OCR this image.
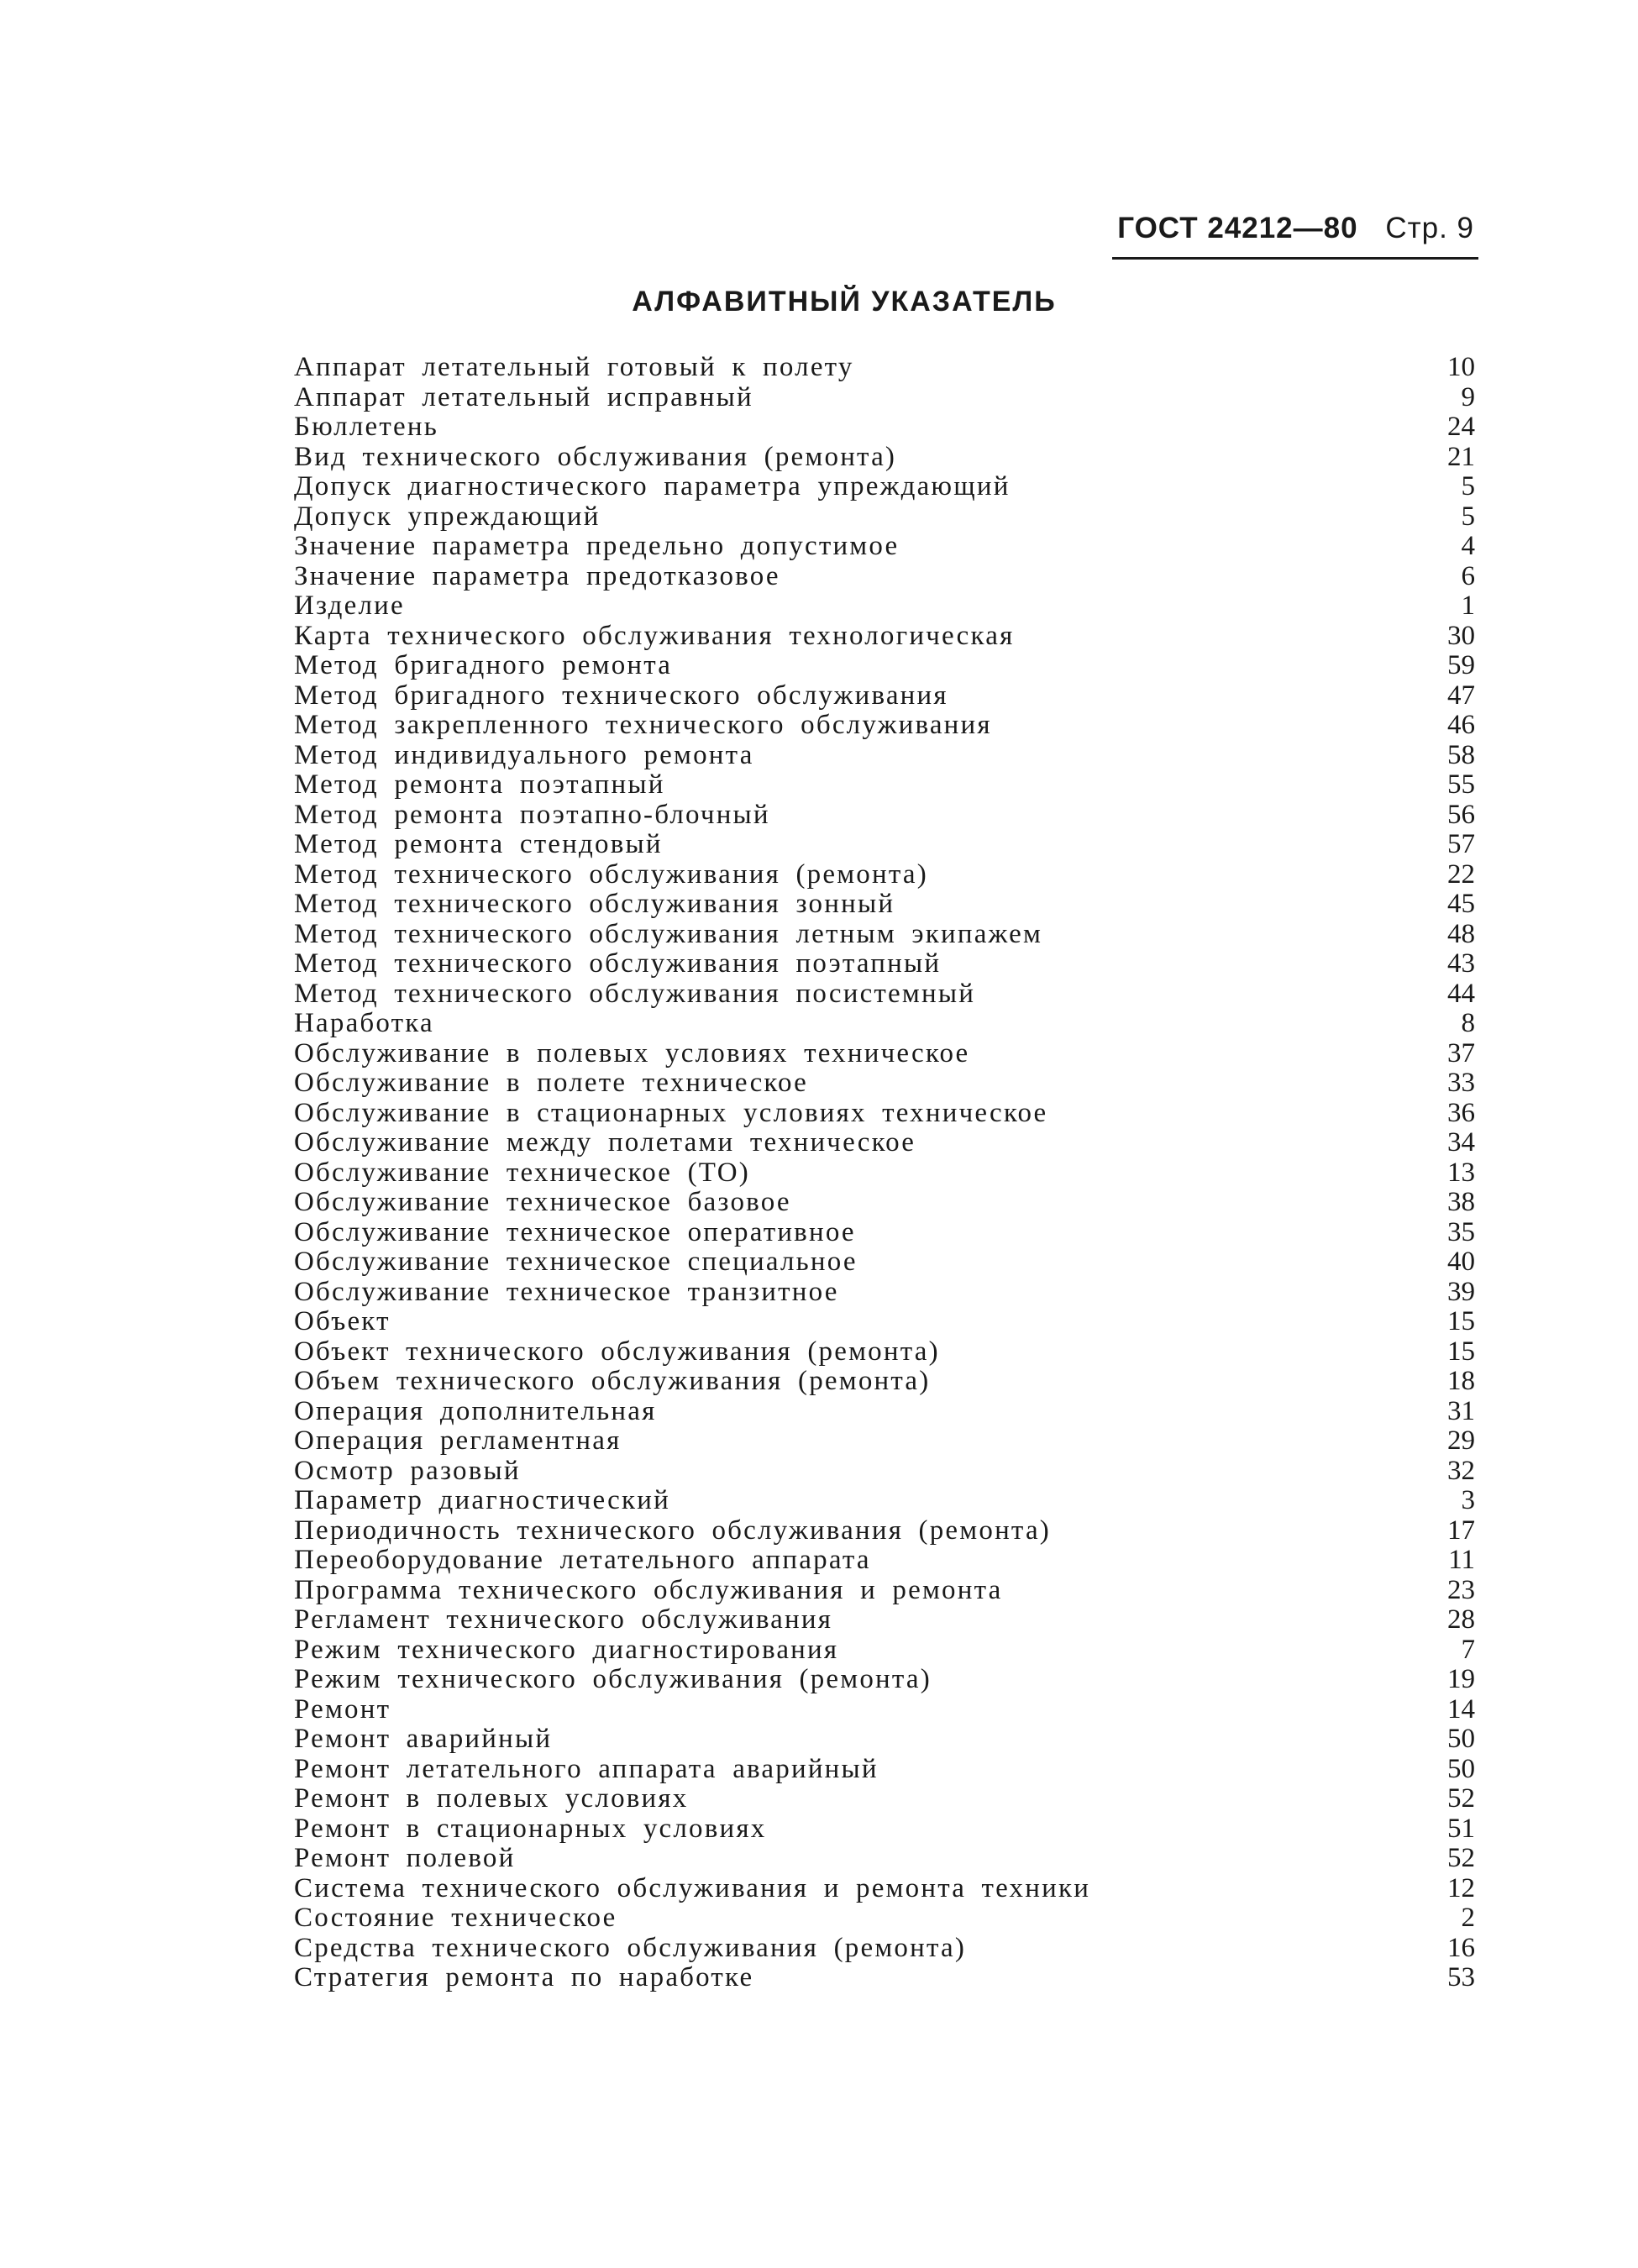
ГОСТ 24212—80 Стр. 9
АЛФАВИТНЫЙ УКАЗАТЕЛЬ
Аппарат летательный готовый к полету	10
Аппарат летательный исправный	9
Бюллетень	24
Вид технического обслуживания (ремонта)	21
Допуск диагностического параметра упреждающий	5
Допуск упреждающий	5
Значение параметра предельно допустимое	4
Значение параметра предотказовое	6
Изделие	1
Карта технического обслуживания технологическая	30
Метод бригадного ремонта	59
Метод бригадного технического обслуживания	47
Метод закрепленного технического обслуживания	46
Метод индивидуального ремонта	58
Метод ремонта поэтапный	55
Метод ремонта поэтапно-блочный	56
Метод ремонта стендовый	57
Метод технического обслуживания (ремонта)	22
Метод технического обслуживания зонный	45
Метод технического обслуживания летным экипажем	48
Метод технического обслуживания поэтапный	43
Метод технического обслуживания посистемный	44
Наработка	8
Обслуживание в полевых условиях техническое	37
Обслуживание в полете техническое	33
Обслуживание в стационарных условиях техническое	36
Обслуживание между полетами техническое	34
Обслуживание техническое (ТО)	13
Обслуживание техническое базовое	38
Обслуживание техническое оперативное	35
Обслуживание техническое специальное	40
Обслуживание техническое транзитное	39
Объект	15
Объект технического обслуживания (ремонта)	15
Объем технического обслуживания (ремонта)	18
Операция дополнительная	31
Операция регламентная	29
Осмотр разовый	32
Параметр диагностический	3
Периодичность технического обслуживания (ремонта)	17
Переоборудование летательного аппарата	11
Программа технического обслуживания и ремонта	23
Регламент технического обслуживания	28
Режим технического диагностирования	7
Режим технического обслуживания (ремонта)	19
Ремонт	14
Ремонт аварийный	50
Ремонт летательного аппарата аварийный	50
Ремонт в полевых условиях	52
Ремонт в стационарных условиях	51
Ремонт полевой	52
Система технического обслуживания и ремонта техники	12
Состояние техническое	2
Средства технического обслуживания (ремонта)	16
Стратегия ремонта по наработке	53
